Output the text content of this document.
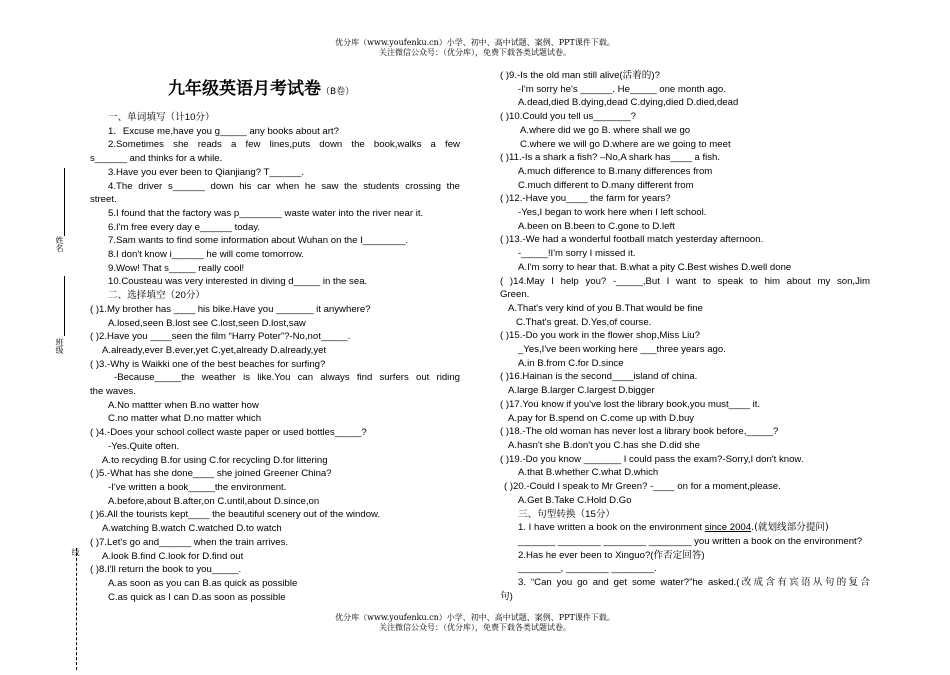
优分库（www.youfenku.cn）小学、初中、高中试题、案例、PPT课件下载。
关注微信公众号：（优分库），免费下载各类试题试卷。
九年级英语月考试卷（B卷）
姓名
班级
线

一、单词填写（计10分）

1．Excuse me,have you g_____ any books about art?

2.Sometimes she reads a few lines,puts down the book,walks a few

s______ and thinks for a while.

3.Have you ever been to Qianjiang? T______.

4.The driver s______ down his car when he saw the students crossing the

street.

5.I found that the factory was p________ waste water into the river near it.

6.I'm free every day e______ today.

7.Sam wants to find some information about Wuhan on the I________.

8.I don't know i______ he will come tomorrow.

9.Wow! That s_____ really cool!

10.Cousteau was very interested in diving d_____ in the sea.

二、选择填空（20分）

( )1.My brother has ____ his bike.Have you _______ it anywhere?

A.losed,seen B.lost see C.lost,seen D.lost,saw

( )2.Have you ____seen the film “Harry Poter”?-No,not_____.

A.already,ever B.ever,yet C.yet,already D.already,yet

( )3.-Why is Waikki one of the best beaches for surfing?

-Because_____the weather is like.You can always find surfers out riding

the waves.

A.No mattter when B.no watter how

C.no matter what D.no matter which

( )4.-Does your school collect waste paper or used bottles_____?

-Yes.Quite often.

A.to recyding B.for using C.for recycling D.for littering

( )5.-What has she done____ she joined Greener China?

-I've written a book_____the environment.

A.before,about B.after,on C.until,about D.since,on

( )6.All the tourists kept____ the beautiful scenery out of the window.

A.watching B.watch C.watched D.to watch

( )7.Let's go and______ when the train arrives.

A.look B.find C.look for D.find out

( )8.I'll return the book to you_____.

A.as soon as you can B.as quick as possible

C.as quick as I can D.as soon as possible

( )9.-Is the old man still alive(活着的)?

-I'm sorry he's ______. He_____ one month ago.

A.dead,died B.dying,dead C.dying,died D.died,dead

( )10.Could you tell us_______?

A.where did we go B. where shall we go

C.where we will go D.where are we going to meet

( )11.-Is a shark a fish? –No,A shark has____ a fish.

A.much difference to B.many differences from

C.much different to D.many different from

( )12.-Have you____ the farm for years?

-Yes,I began to work here when I left school.

A.been on B.been to C.gone to D.left

( )13.-We had a wonderful football match yesterday afternoon.

-_____!I'm sorry I missed it.

A.I'm sorry to hear that. B.what a pity C.Best wishes D.well done

( )14.May I help you? -_____,But I want to speak to him about my son,Jim

Green.

A.That's very kind of you B.That would be fine

C.That's great. D.Yes,of course.

( )15.-Do you work in the flower shop,Miss Liu?

_Yes,I've been working here ___three years ago.

A.in B.from C.for D.since

( )16.Hainan is the second____island of china.

A.large B.larger C.largest D.bigger

( )17.You know if you've lost the library book,you must____ it.

A.pay for B.spend on C.come up with D.buy

( )18.-The old woman has never lost a library book before,_____?

A.hasn't she B.don't you C.has she D.did she

( )19.-Do you know _______ I could pass the exam?-Sorry,I don't know.

A.that B.whether C.what D.which

( )20.-Could I speak to Mr Green? -____ on for a moment,please.

A.Get B.Take C.Hold D.Go

三、句型转换（15分）

1. I have written a book on the environment since 2004.(就划线部分提问)

_______ ________ ________ ________ you written a book on the environment?

2.Has he ever been to Xinguo?(作否定回答)

________, ________ ________.

3. “Can you go and get some water?”he asked.(改成含有宾语从句的复合

句)

优分库（www.youfenku.cn）小学、初中、高中试题、案例、PPT课件下载。
关注微信公众号：（优分库），免费下载各类试题试卷。
